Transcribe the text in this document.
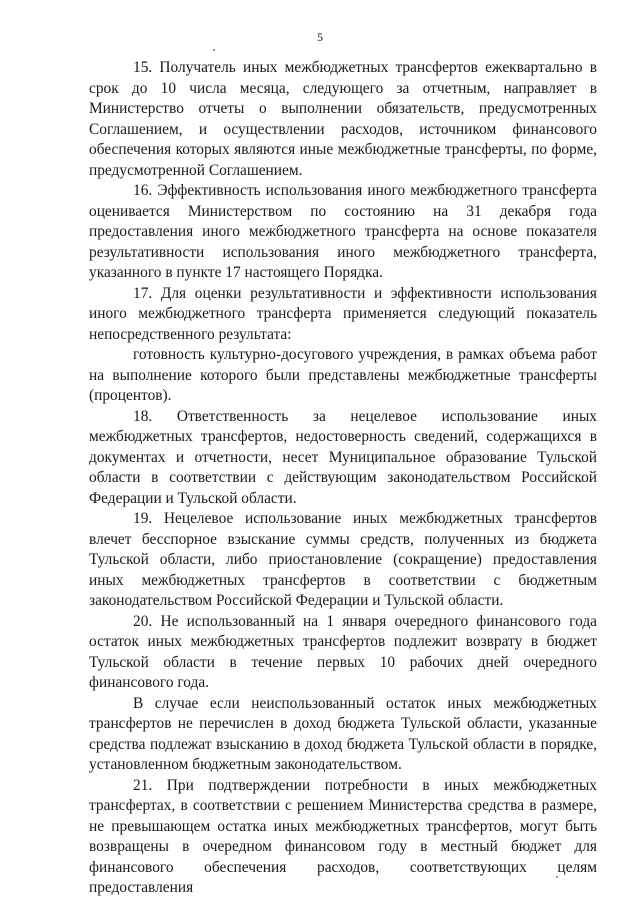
5

15. Получатель иных межбюджетных трансфертов ежеквартально в срок до 10 числа месяца, следующего за отчетным, направляет в Министерство отчеты о выполнении обязательств, предусмотренных Соглашением, и осуществлении расходов, источником финансового обеспечения которых являются иные межбюджетные трансферты, по форме, предусмотренной Соглашением.

16. Эффективность использования иного межбюджетного трансферта оценивается Министерством по состоянию на 31 декабря года предоставления иного межбюджетного трансферта на основе показателя результативности использования иного межбюджетного трансферта, указанного в пункте 17 настоящего Порядка.

17. Для оценки результативности и эффективности использования иного межбюджетного трансферта применяется следующий показатель непосредственного результата:

готовность культурно-досугового учреждения, в рамках объема работ на выполнение которого были представлены межбюджетные трансферты (процентов).

18. Ответственность за нецелевое использование иных межбюджетных трансфертов, недостоверность сведений, содержащихся в документах и отчетности, несет Муниципальное образование Тульской области в соответствии с действующим законодательством Российской Федерации и Тульской области.

19. Нецелевое использование иных межбюджетных трансфертов влечет бесспорное взыскание суммы средств, полученных из бюджета Тульской области, либо приостановление (сокращение) предоставления иных межбюджетных трансфертов в соответствии с бюджетным законодательством Российской Федерации и Тульской области.

20. Не использованный на 1 января очередного финансового года остаток иных межбюджетных трансфертов подлежит возврату в бюджет Тульской области в течение первых 10 рабочих дней очередного финансового года.

В случае если неиспользованный остаток иных межбюджетных трансфертов не перечислен в доход бюджета Тульской области, указанные средства подлежат взысканию в доход бюджета Тульской области в порядке, установленном бюджетным законодательством.

21. При подтверждении потребности в иных межбюджетных трансфертах, в соответствии с решением Министерства средства в размере, не превышающем остатка иных межбюджетных трансфертов, могут быть возвращены в очередном финансовом году в местный бюджет для финансового обеспечения расходов, соответствующих целям предоставления
